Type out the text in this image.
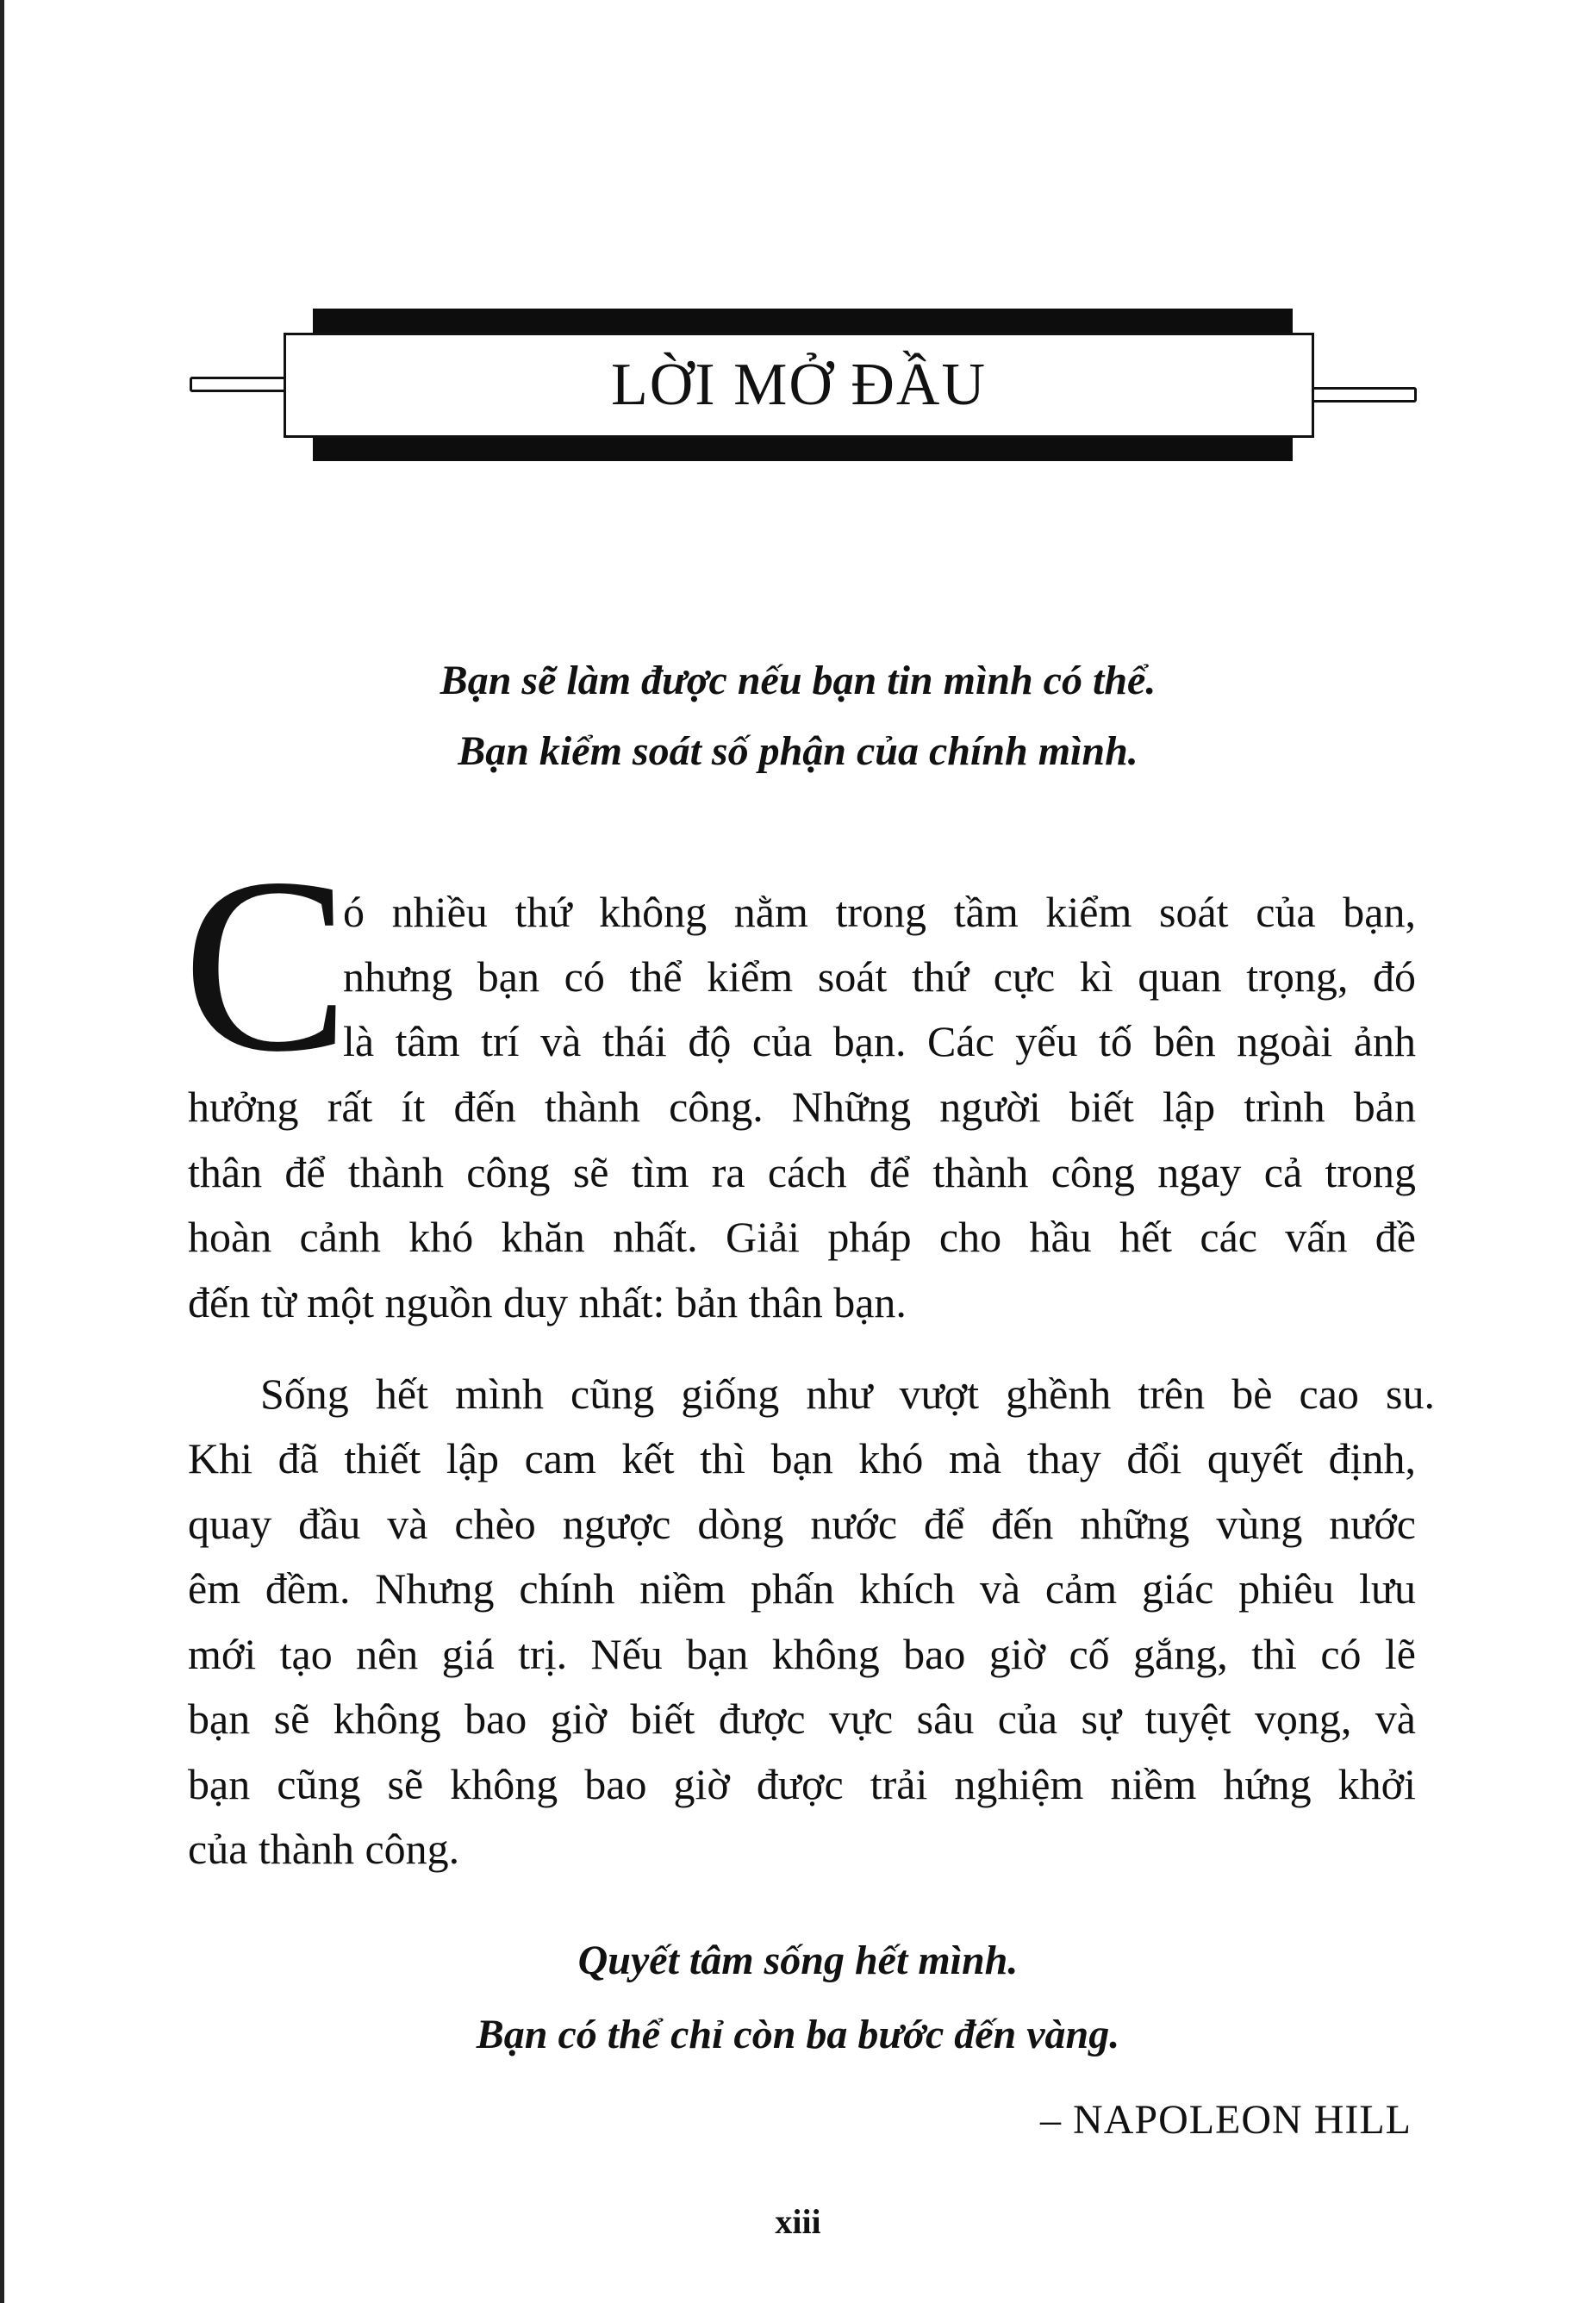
LỜI MỞ ĐẦU
Bạn sẽ làm được nếu bạn tin mình có thể.
Bạn kiểm soát số phận của chính mình.
C
ó nhiều thứ không nằm trong tầm kiểm soát của bạn,
nhưng bạn có thể kiểm soát thứ cực kì quan trọng, đó
là tâm trí và thái độ của bạn. Các yếu tố bên ngoài ảnh
hưởng rất ít đến thành công. Những người biết lập trình bản
thân để thành công sẽ tìm ra cách để thành công ngay cả trong
hoàn cảnh khó khăn nhất. Giải pháp cho hầu hết các vấn đề
đến từ một nguồn duy nhất: bản thân bạn.
Sống hết mình cũng giống như vượt ghềnh trên bè cao su.
Khi đã thiết lập cam kết thì bạn khó mà thay đổi quyết định,
quay đầu và chèo ngược dòng nước để đến những vùng nước
êm đềm. Nhưng chính niềm phấn khích và cảm giác phiêu lưu
mới tạo nên giá trị. Nếu bạn không bao giờ cố gắng, thì có lẽ
bạn sẽ không bao giờ biết được vực sâu của sự tuyệt vọng, và
bạn cũng sẽ không bao giờ được trải nghiệm niềm hứng khởi
của thành công.
Quyết tâm sống hết mình.
Bạn có thể chỉ còn ba bước đến vàng.
– NAPOLEON HILL
xiii
